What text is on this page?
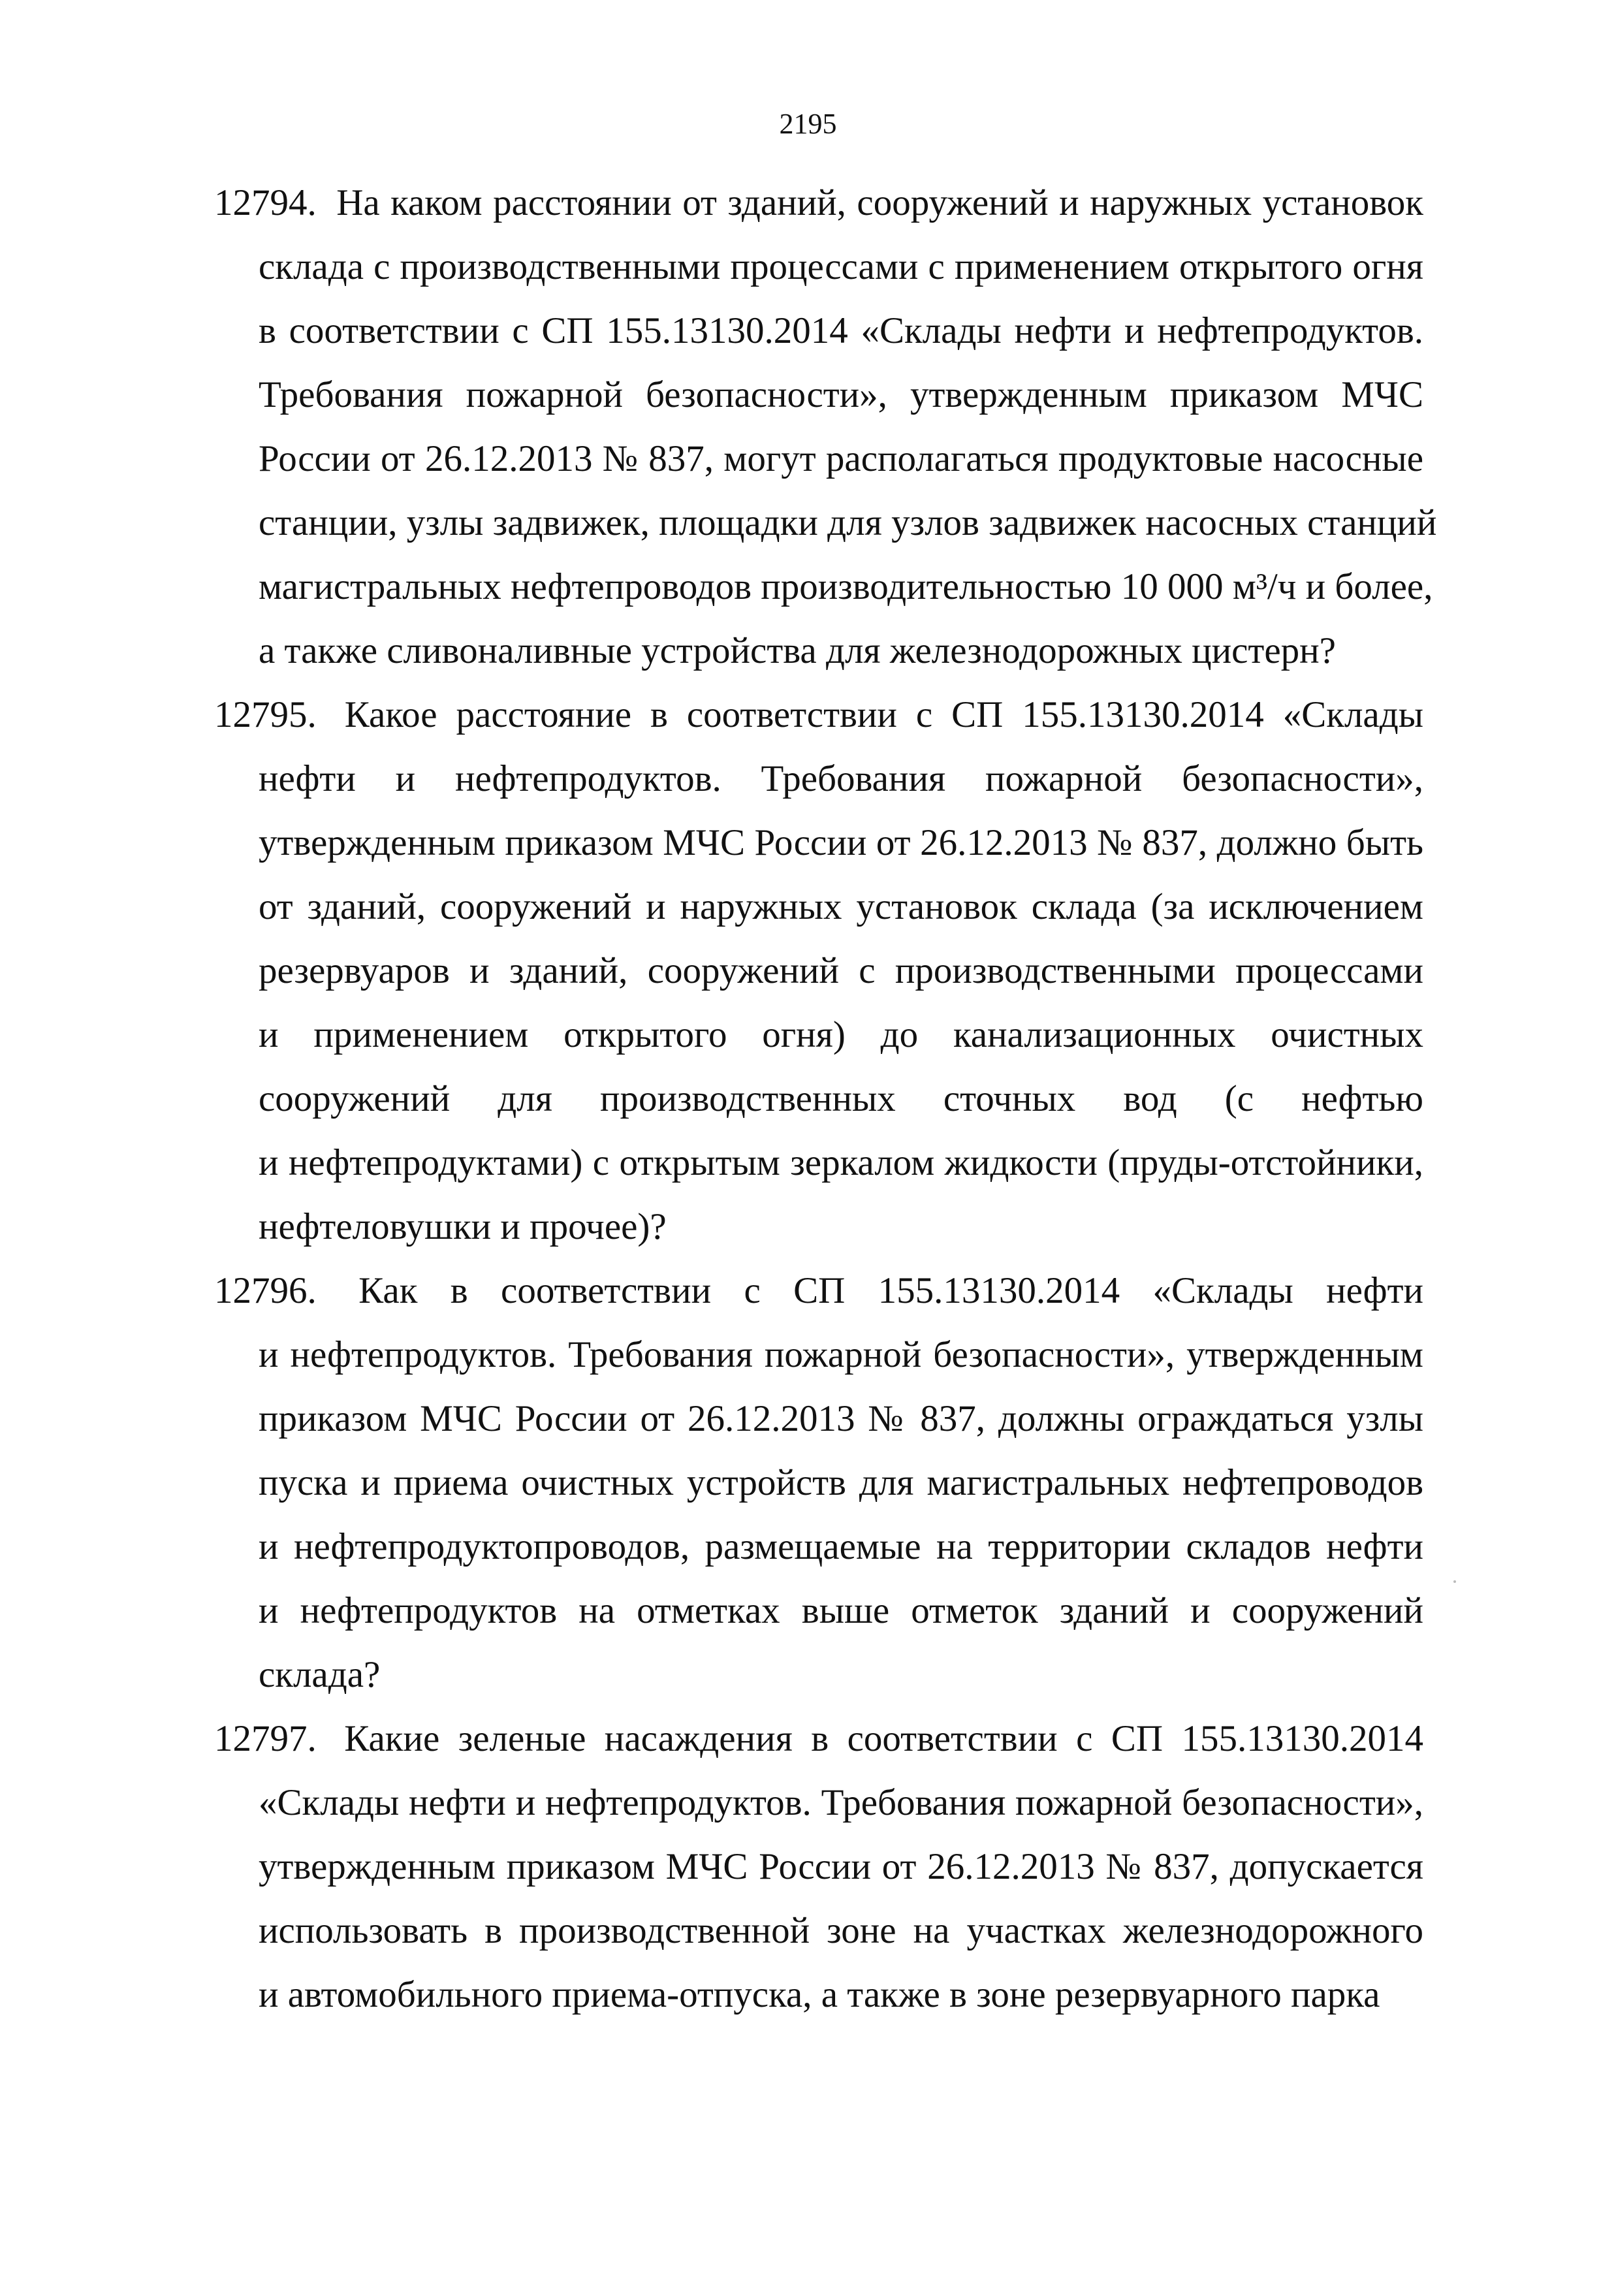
2195
12794. На каком расстоянии от зданий, сооружений и наружных установок
склада с производственными процессами с применением открытого огня
в соответствии с СП 155.13130.2014 «Склады нефти и нефтепродуктов.
Требования пожарной безопасности», утвержденным приказом МЧС
России от 26.12.2013 № 837, могут располагаться продуктовые насосные
станции, узлы задвижек, площадки для узлов задвижек насосных станций
магистральных нефтепроводов производительностью 10 000 м³/ч и более,
а также сливоналивные устройства для железнодорожных цистерн?
12795. Какое расстояние в соответствии с СП 155.13130.2014 «Склады
нефти и нефтепродуктов. Требования пожарной безопасности»,
утвержденным приказом МЧС России от 26.12.2013 № 837, должно быть
от зданий, сооружений и наружных установок склада (за исключением
резервуаров и зданий, сооружений с производственными процессами
и применением открытого огня) до канализационных очистных
сооружений для производственных сточных вод (с нефтью
и нефтепродуктами) с открытым зеркалом жидкости (пруды-отстойники,
нефтеловушки и прочее)?
12796. Как в соответствии с СП 155.13130.2014 «Склады нефти
и нефтепродуктов. Требования пожарной безопасности», утвержденным
приказом МЧС России от 26.12.2013 № 837, должны ограждаться узлы
пуска и приема очистных устройств для магистральных нефтепроводов
и нефтепродуктопроводов, размещаемые на территории складов нефти
и нефтепродуктов на отметках выше отметок зданий и сооружений
склада?
12797. Какие зеленые насаждения в соответствии с СП 155.13130.2014
«Склады нефти и нефтепродуктов. Требования пожарной безопасности»,
утвержденным приказом МЧС России от 26.12.2013 № 837, допускается
использовать в производственной зоне на участках железнодорожного
и автомобильного приема-отпуска, а также в зоне резервуарного парка
